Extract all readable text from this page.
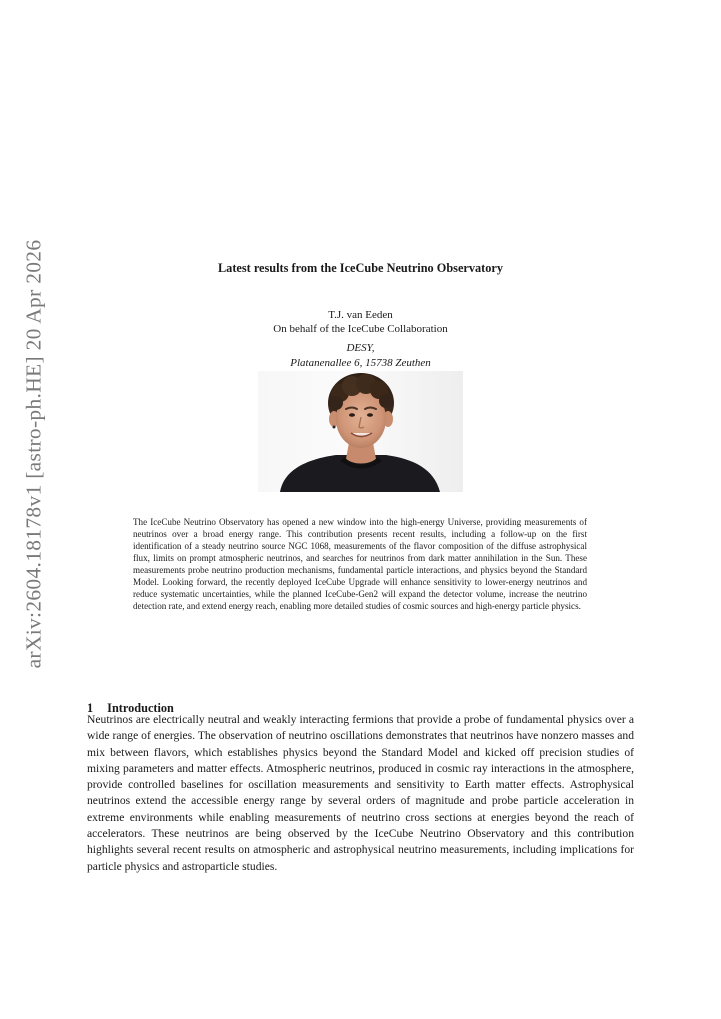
arXiv:2604.18178v1 [astro-ph.HE] 20 Apr 2026	Latest results from the IceCube Neutrino Observatory

T.J. van Eeden

On behalf of the IceCube Collaboration

DESY,

Platanenallee 6, 15738 Zeuthen

The IceCube Neutrino Observatory has opened a new window into the high-energy Universe, providing measurements of neutrinos over a broad energy range. This contribution presents recent results, including a follow-up on the first identification of a steady neutrino source NGC 1068, measurements of the flavor composition of the diffuse astrophysical flux, limits on prompt atmospheric neutrinos, and searches for neutrinos from dark matter annihilation in the Sun. These measurements probe neutrino production mechanisms, fundamental particle interactions, and physics beyond the Standard Model. Looking forward, the recently deployed IceCube Upgrade will enhance sensitivity to lower-energy neutrinos and reduce systematic uncertainties, while the planned IceCube-Gen2 will expand the detector volume, increase the neutrino detection rate, and extend energy reach, enabling more detailed studies of cosmic sources and high-energy particle physics.

1 Introduction

Neutrinos are electrically neutral and weakly interacting fermions that provide a probe of fundamental physics over a wide range of energies. The observation of neutrino oscillations demonstrates that neutrinos have nonzero masses and mix between flavors, which establishes physics beyond the Standard Model and kicked off precision studies of mixing parameters and matter effects. Atmospheric neutrinos, produced in cosmic ray interactions in the atmosphere, provide controlled baselines for oscillation measurements and sensitivity to Earth matter effects. Astrophysical neutrinos extend the accessible energy range by several orders of magnitude and probe particle acceleration in extreme environments while enabling measurements of neutrino cross sections at energies beyond the reach of accelerators. These neutrinos are being observed by the IceCube Neutrino Observatory and this contribution highlights several recent results on atmospheric and astrophysical neutrino measurements, including implications for particle physics and astroparticle studies.
